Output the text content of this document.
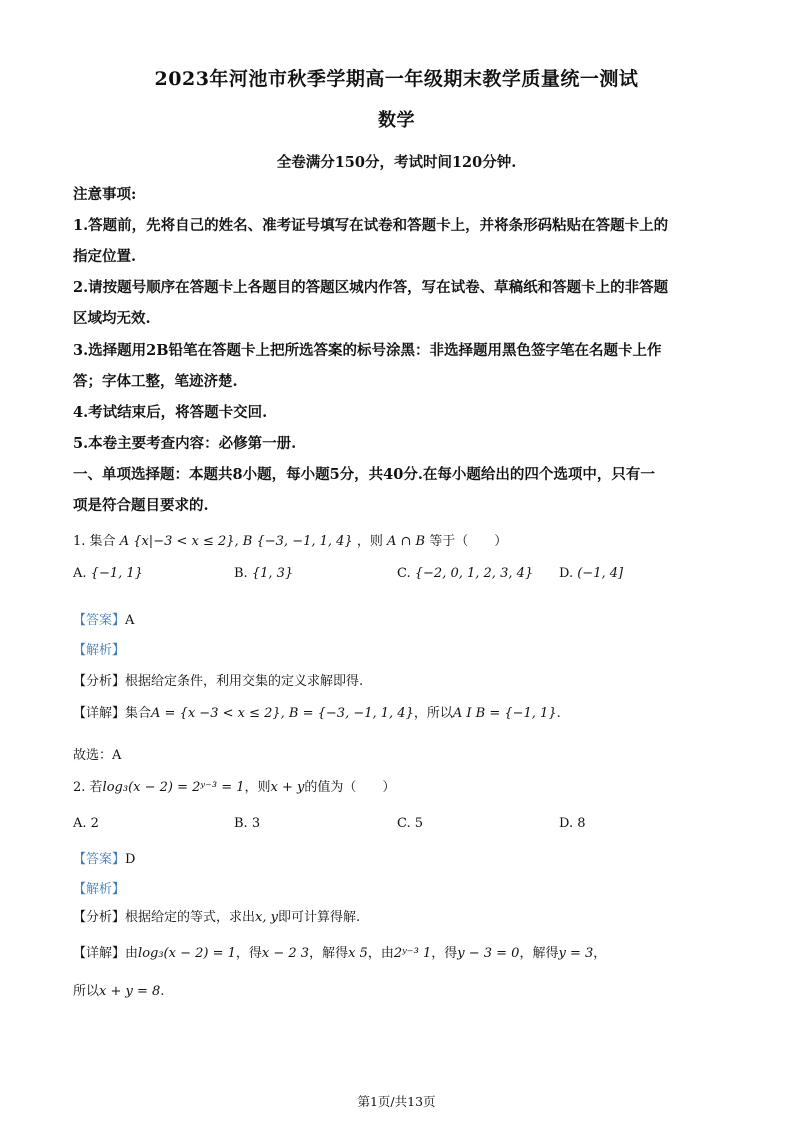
2023年河池市秋季学期高一年级期末教学质量统一测试
数学
全卷满分150分，考试时间120分钟.
注意事项:
1.答题前，先将自己的姓名、准考证号填写在试卷和答题卡上，并将条形码粘贴在答题卡上的
指定位置.
2.请按题号顺序在答题卡上各题目的答题区城内作答，写在试卷、草稿纸和答题卡上的非答题
区域均无效.
3.选择题用2B铅笔在答题卡上把所选答案的标号涂黑：非选择题用黑色签字笔在名题卡上作
答；字体工整，笔迹济楚.
4.考试结束后，将答题卡交回.
5.本卷主要考查内容：必修第一册.
一、单项选择题：本题共8小题，每小题5分，共40分.在每小题给出的四个选项中，只有一
项是符合题目要求的.
1. 集合 A {x|−3 < x ≤ 2}, B {−3, −1, 1, 4} ，则 A ∩ B 等于（　　）
A. {−1, 1}	B. {1, 3}	C. {−2, 0, 1, 2, 3, 4} D. (−1, 4]
【答案】A
【解析】
【分析】根据给定条件，利用交集的定义求解即得.
【详解】集合A = {x −3 < x ≤ 2}, B = {−3, −1, 1, 4}，所以A I B = {−1, 1}.
故选：A
2. 若log₃(x − 2) = 2ʸ⁻³ = 1，则x + y的值为（　　）
A. 2	B. 3	C. 5	D. 8
【答案】D
【解析】
【分析】根据给定的等式，求出x, y即可计算得解.
【详解】由log₃(x − 2) = 1，得x − 2 3，解得x 5，由2ʸ⁻³ 1，得y − 3 = 0，解得y = 3，
所以x + y = 8.
第1页/共13页
